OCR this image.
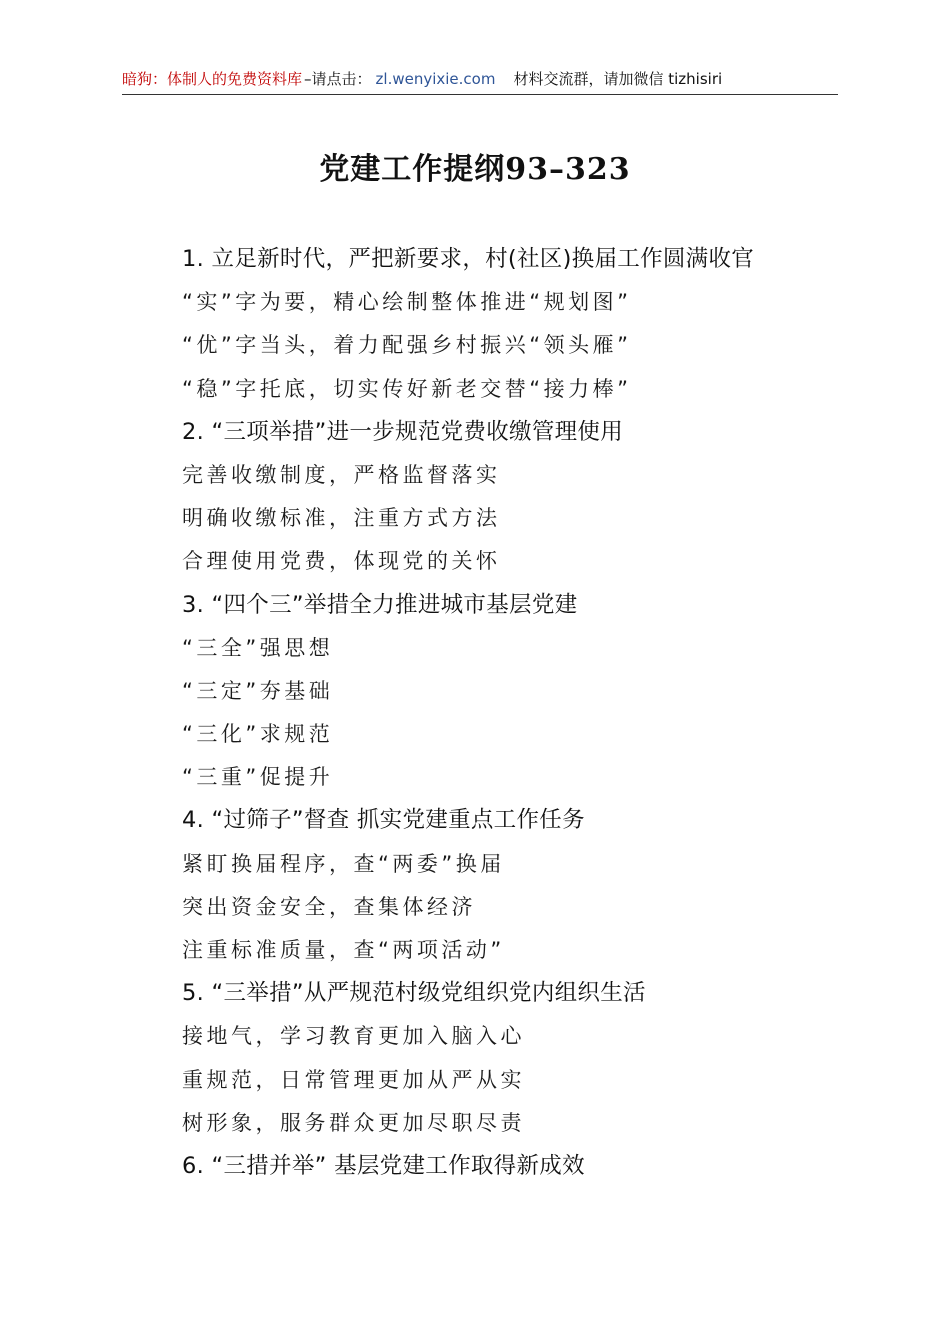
暗狗：体制人的免费资料库 –请点击： zl.wenyixie.com 材料交流群，请加微信 tizhisiri
党建工作提纲93–323
1. 立足新时代，严把新要求，村(社区)换届工作圆满收官
“实”字为要，精心绘制整体推进“规划图”
“优”字当头，着力配强乡村振兴“领头雁”
“稳”字托底，切实传好新老交替“接力棒”
2. “三项举措”进一步规范党费收缴管理使用
完善收缴制度，严格监督落实
明确收缴标准，注重方式方法
合理使用党费，体现党的关怀
3. “四个三”举措全力推进城市基层党建
“三全”强思想
“三定”夯基础
“三化”求规范
“三重”促提升
4. “过筛子”督查 抓实党建重点工作任务
紧盯换届程序，查“两委”换届
突出资金安全，查集体经济
注重标准质量，查“两项活动”
5. “三举措”从严规范村级党组织党内组织生活
接地气，学习教育更加入脑入心
重规范，日常管理更加从严从实
树形象，服务群众更加尽职尽责
6. “三措并举” 基层党建工作取得新成效
